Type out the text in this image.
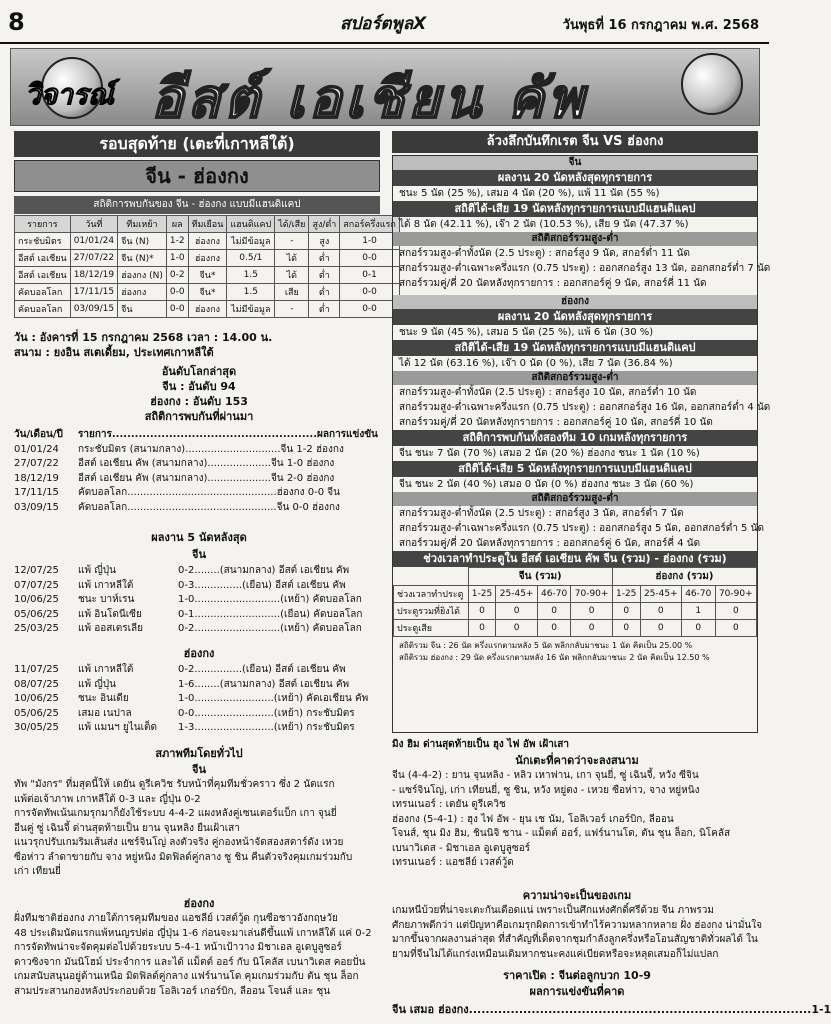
8	สปอร์ตพูลX	วันพุธที่ 16 กรกฎาคม พ.ศ. 2568
วิจารณ์ อีสต์ เอเชียน คัพ
รอบสุดท้าย (เตะที่เกาหลีใต้)
จีน - ฮ่องกง
สถิติการพบกันของ จีน - ฮ่องกง แบบมีแฮนดิแคป
รายการ	วันที่	ทีมเหย้า	ผล	ทีมเยือน	แฮนดิแคป	ได้/เสีย	สูง/ต่ำ	สกอร์ครึ่งแรก
กระชับมิตร	01/01/24	จีน (N)	1-2	ฮ่องกง	ไม่มีข้อมูล	-	สูง	1-0
อีสต์ เอเชียน	27/07/22	จีน (N)*	1-0	ฮ่องกง	0.5/1	ได้	ต่ำ	0-0
อีสต์ เอเชียน	18/12/19	ฮ่องกง (N)	0-2	จีน*	1.5	ได้	ต่ำ	0-1
คัดบอลโลก	17/11/15	ฮ่องกง	0-0	จีน*	1.5	เสีย	ต่ำ	0-0
คัดบอลโลก	03/09/15	จีน	0-0	ฮ่องกง	ไม่มีข้อมูล	-	ต่ำ	0-0
วัน : อังคารที่ 15 กรกฎาคม 2568 เวลา : 14.00 น.
สนาม : ยงอิน สเตเดี้ยม, ประเทศเกาหลีใต้
อันดับโลกล่าสุด
จีน : อันดับ 94
ฮ่องกง : อันดับ 153
สถิติการพบกันที่ผ่านมา
วัน/เดือน/ปี	รายการ......................................................ผลการแข่งขัน
01/01/24	กระชับมิตร (สนามกลาง)..............................จีน 1-2 ฮ่องกง
27/07/22	อีสต์ เอเชียน คัพ (สนามกลาง)....................จีน 1-0 ฮ่องกง
18/12/19	อีสต์ เอเชียน คัพ (สนามกลาง)....................จีน 2-0 ฮ่องกง
17/11/15	คัดบอลโลก...............................................ฮ่องกง 0-0 จีน
03/09/15	คัดบอลโลก...............................................จีน 0-0 ฮ่องกง
ผลงาน 5 นัดหลังสุด
จีน
12/07/25	แพ้ ญี่ปุ่น	0-2........(สนามกลาง) อีสต์ เอเชียน คัพ
07/07/25	แพ้ เกาหลีใต้	0-3...............(เยือน) อีสต์ เอเชียน คัพ
10/06/25	ชนะ บาห์เรน	1-0...........................(เหย้า) คัดบอลโลก
05/06/25	แพ้ อินโดนีเซีย	0-1...........................(เยือน) คัดบอลโลก
25/03/25	แพ้ ออสเตรเลีย	0-2...........................(เหย้า) คัดบอลโลก
ฮ่องกง
11/07/25	แพ้ เกาหลีใต้	0-2...............(เยือน) อีสต์ เอเชียน คัพ
08/07/25	แพ้ ญี่ปุ่น	1-6........(สนามกลาง) อีสต์ เอเชียน คัพ
10/06/25	ชนะ อินเดีย	1-0.........................(เหย้า) คัดเอเชียน คัพ
05/06/25	เสมอ เนปาล	0-0.........................(เหย้า) กระชับมิตร
30/05/25	แพ้ แมนฯ ยูไนเต็ด	1-3.........................(เหย้า) กระชับมิตร
สภาพทีมโดยทั่วไป
จีน
ทัพ "มังกร" ที่มสุดนี้ให้ เดยัน ดูรีเควิช รับหน้าที่คุมทีมชั่วคราว ซึ่ง 2 นัดแรก
แพ้ต่อเจ้าภาพ เกาหลีใต้ 0-3 และ ญี่ปุ่น 0-2
การจัดทัพเน้นเกมรุกมาก็ยังใช้ระบบ 4-4-2 แผงหลังคู่เซนเตอร์แบ็ก เกา จุนยี่
อีนคู่ ซู่ เฉินจี้ ด่านสุดท้ายเป็น ยาน จุนหลิง ยืนเฝ้าเสา
แนวรุกปรับเกมริมเส้นส่ง แซร์จินโญ่ ลงตัวจริง คู่กองหน้าจัดสองสตาร์ดัง เหวย
ซือห่าว ลำดาขายกับ จาง หยู่หนิง มิดฟิลด์คู่กลาง ซู ชิน คืนตัวจริงคุมเกมร่วมกับ
เก่า เทียนยี่
ฮ่องกง
ฝั่งทีมชาติฮ่องกง ภายใต้การคุมทีมของ แอชลีย์ เวสต์วู้ด กุนซือชาวอังกฤษวัย
48 ประเดิมนัดแรกแพ้หนญรปต่อ ญี่ปุ่น 1-6 ก่อนจะมาเล่นดีขึ้นแพ้ เกาหลีใต้ แค่ 0-2
การจัดทัพน่าจะจัดคุมต่อไปด้วยระบบ 5-4-1 หน้าเป้าวาง มิชาเอล อูเดบูลูซอร์
ดาวซิงจาก มันนิโฮม์ ประจำการ และได้ แม็ตต์ ออร์ กับ นิโคลัส เบนาวิเดส คอยปั่น
เกมสนับสนุนอยู่ด้านเหนือ มิดฟิลด์คู่กลาง แฟร์นานโด คุมเกมร่วมกับ ตัน ชุน ล็อก
สามประสานกองหลังประกอบด้วย โอลิเวอร์ เกอร์บิก, ลีออน โจนส์ และ ชุน
ล้วงลึกบันทึกเรต จีน VS ฮ่องกง
จีน
ผลงาน 20 นัดหลังสุดทุกรายการ
ชนะ 5 นัด (25 %), เสมอ 4 นัด (20 %), แพ้ 11 นัด (55 %)
สถิติได้-เสีย 19 นัดหลังทุกรายการแบบมีแฮนดิแคป
ได้ 8 นัด (42.11 %), เจ๊า 2 นัด (10.53 %), เสีย 9 นัด (47.37 %)
สถิติสกอร์รวมสูง-ต่ำ
สกอร์รวมสูง-ต่ำทั้งนัด (2.5 ประตู) : สกอร์สูง 9 นัด, สกอร์ต่ำ 11 นัด
สกอร์รวมสูง-ต่ำเฉพาะครึ่งแรก (0.75 ประตู) : ออกสกอร์สูง 13 นัด, ออกสกอร์ต่ำ 7 นัด
สกอร์รวมคู่/คี่ 20 นัดหลังทุกรายการ : ออกสกอร์คู่ 9 นัด, สกอร์คี่ 11 นัด
ฮ่องกง
ผลงาน 20 นัดหลังสุดทุกรายการ
ชนะ 9 นัด (45 %), เสมอ 5 นัด (25 %), แพ้ 6 นัด (30 %)
สถิติได้-เสีย 19 นัดหลังทุกรายการแบบมีแฮนดิแคป
ได้ 12 นัด (63.16 %), เจ๊า 0 นัด (0 %), เสีย 7 นัด (36.84 %)
สถิติสกอร์รวมสูง-ต่ำ
สกอร์รวมสูง-ต่ำทั้งนัด (2.5 ประตู) : สกอร์สูง 10 นัด, สกอร์ต่ำ 10 นัด
สกอร์รวมสูง-ต่ำเฉพาะครึ่งแรก (0.75 ประตู) : ออกสกอร์สูง 16 นัด, ออกสกอร์ต่ำ 4 นัด
สกอร์รวมคู่/คี่ 20 นัดหลังทุกรายการ : ออกสกอร์คู่ 10 นัด, สกอร์คี่ 10 นัด
สถิติการพบกันทั้งสองทีม 10 เกมหลังทุกรายการ
จีน ชนะ 7 นัด (70 %) เสมอ 2 นัด (20 %) ฮ่องกง ชนะ 1 นัด (10 %)
สถิติได้-เสีย 5 นัดหลังทุกรายการแบบมีแฮนดิแคป
จีน ชนะ 2 นัด (40 %) เสมอ 0 นัด (0 %) ฮ่องกง ชนะ 3 นัด (60 %)
สถิติสกอร์รวมสูง-ต่ำ
สกอร์รวมสูง-ต่ำทั้งนัด (2.5 ประตู) : สกอร์สูง 3 นัด, สกอร์ต่ำ 7 นัด
สกอร์รวมสูง-ต่ำเฉพาะครึ่งแรก (0.75 ประตู) : ออกสกอร์สูง 5 นัด, ออกสกอร์ต่ำ 5 นัด
สกอร์รวมคู่/คี่ 20 นัดหลังทุกรายการ : ออกสกอร์คู่ 6 นัด, สกอร์คี่ 4 นัด
ช่วงเวลาทำประตูใน อีสต์ เอเชียน คัพ จีน (รวม) - ฮ่องกง (รวม)
	จีน (รวม)				ฮ่องกง (รวม)			
ช่วงเวลาทำประตู	1-25	25-45+	46-70	70-90+	1-25	25-45+	46-70	70-90+
ประตูรวมที่ยิงได้	0	0	0	0	0	0	1	0
ประตูเสีย	0	0	0	0	0	0	0	0
สถิติรวม จีน : 26 นัด ครึ่งแรกตามหลัง 5 นัด พลิกกลับมาชนะ 1 นัด คิดเป็น 25.00 %
สถิติรวม ฮ่องกง : 29 นัด ครึ่งแรกตามหลัง 16 นัด พลิกกลับมาชนะ 2 นัด คิดเป็น 12.50 %
มิง ฮิม ด่านสุดท้ายเป็น ฮุง ไฟ อัพ เฝ้าเสา
นักเตะที่คาดว่าจะลงสนาม
จีน (4-4-2) : ยาน จุนหลิง - หลิว เหาฟาน, เกา จุนยี่, ซู่ เฉินจี้, หวัง ซีจิน
- แซร์จินโญ่, เก่า เทียนยี่, ซู ชิน, หวัง หยู่ตง - เหวย ซือห่าว, จาง หยู่หนิง
เทรนเนอร์ : เดยัน ดูรีเควิช
ฮ่องกง (5-4-1) : ฮุง ไฟ อัพ - ยุน เช นัม, โอลิเวอร์ เกอร์บิก, ลีออน
โจนส์, ชุน มิง ฮิม, ชินนิจิ ชาน - แม็ตต์ ออร์, แฟร์นานโด, ตัน ชุน ล็อก, นิโคลัส
เบนาวิเดส - มิชาเอล อูเดบูลูซอร์
เทรนเนอร์ : แอชลีย์ เวสต์วู้ด
ความน่าจะเป็นของเกม
เกมหนีบ้วยที่น่าจะเตะกันเดือดแน่ เพราะเป็นศึกแห่งศักดิ์ศรีด้วย จีน ภาพรวม
ศักยภาพดีกว่า แต่ปัญหาคือเกมรุกผิดการเข้าทำไร้ความหลากหลาย ฝั่ง ฮ่องกง น่ามั่นใจ
มากขึ้นจากผลงานล่าสุด ที่สำคัญที่เด็ดจากชุมกำลังลูกครึ่งหรือโอนสัญชาติทั่วผลได้ ใน
ยามที่จีนไม่ได้แกร่งเหมือนเดิมหากชนะคงแค่เบียดหรือจะหลุดเสมอก็ไม่แปลก
ราคาเปิด : จีนต่อลูกบวก 10-9
ผลการแข่งขันที่คาด
จีน เสมอ ฮ่องกง..................................................................................1-1
